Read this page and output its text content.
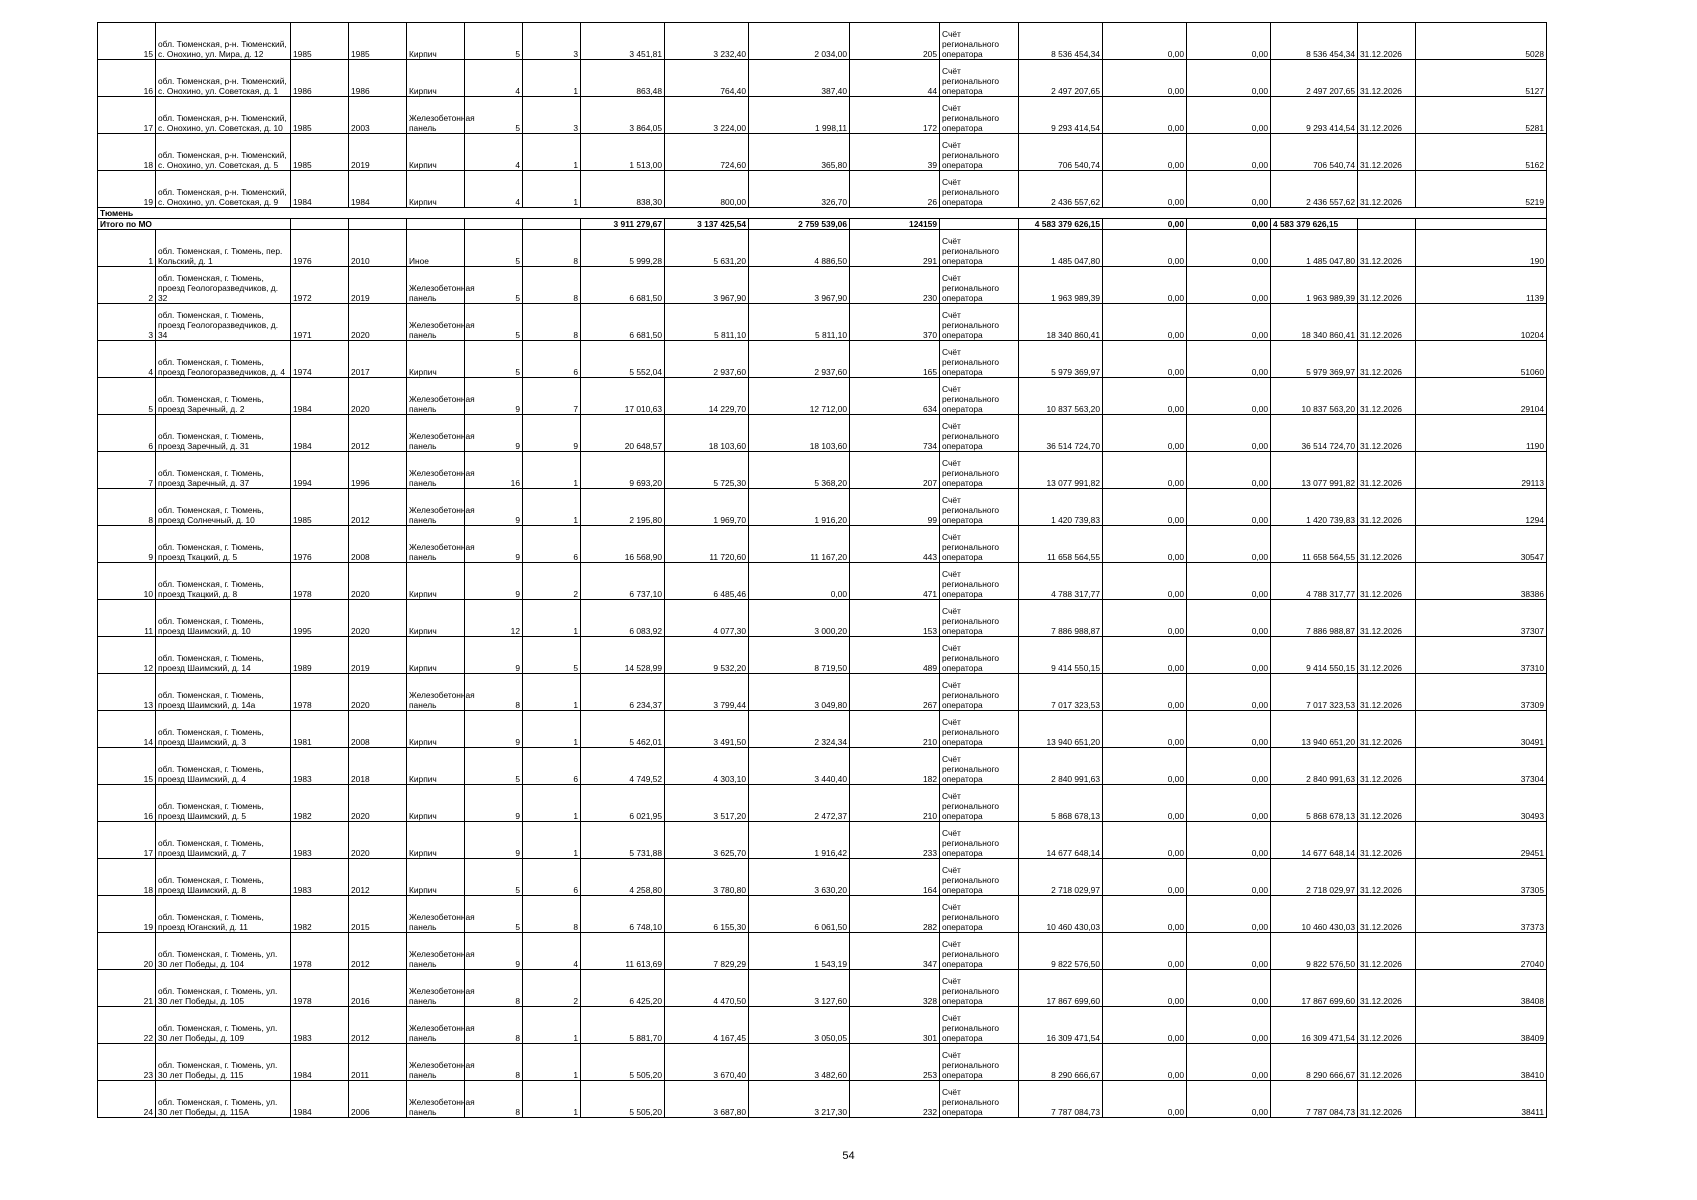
15	обл. Тюменская, р-н. Тюменский, с. Онохино, ул. Мира, д. 12	1985	1985	Кирпич	5	3	3 451,81	3 232,40	2 034,00	205	Счёт регионального оператора	8 536 454,34	0,00	0,00	8 536 454,34	31.12.2026	5028
16	обл. Тюменская, р-н. Тюменский, с. Онохино, ул. Советская, д. 1	1986	1986	Кирпич	4	1	863,48	764,40	387,40	44	Счёт регионального оператора	2 497 207,65	0,00	0,00	2 497 207,65	31.12.2026	5127
17	обл. Тюменская, р-н. Тюменский, с. Онохино, ул. Советская, д. 10	1985	2003	Железобетонная панель	5	3	3 864,05	3 224,00	1 998,11	172	Счёт регионального оператора	9 293 414,54	0,00	0,00	9 293 414,54	31.12.2026	5281
18	обл. Тюменская, р-н. Тюменский, с. Онохино, ул. Советская, д. 5	1985	2019	Кирпич	4	1	1 513,00	724,60	365,80	39	Счёт регионального оператора	706 540,74	0,00	0,00	706 540,74	31.12.2026	5162
19	обл. Тюменская, р-н. Тюменский, с. Онохино, ул. Советская, д. 9	1984	1984	Кирпич	4	1	838,30	800,00	326,70	26	Счёт регионального оператора	2 436 557,62	0,00	0,00	2 436 557,62	31.12.2026	5219
Тюмень																	
Итого по МО							3 911 279,67	3 137 425,54	2 759 539,06	124159		4 583 379 626,15	0,00	0,00	4 583 379 626,15		
1	обл. Тюменская, г. Тюмень, пер. Кольский, д. 1	1976	2010	Иное	5	8	5 999,28	5 631,20	4 886,50	291	Счёт регионального оператора	1 485 047,80	0,00	0,00	1 485 047,80	31.12.2026	190
2	обл. Тюменская, г. Тюмень, проезд Геологоразведчиков, д. 32	1972	2019	Железобетонная панель	5	8	6 681,50	3 967,90	3 967,90	230	Счёт регионального оператора	1 963 989,39	0,00	0,00	1 963 989,39	31.12.2026	1139
3	обл. Тюменская, г. Тюмень, проезд Геологоразведчиков, д. 34	1971	2020	Железобетонная панель	5	8	6 681,50	5 811,10	5 811,10	370	Счёт регионального оператора	18 340 860,41	0,00	0,00	18 340 860,41	31.12.2026	10204
4	обл. Тюменская, г. Тюмень, проезд Геологоразведчиков, д. 4	1974	2017	Кирпич	5	6	5 552,04	2 937,60	2 937,60	165	Счёт регионального оператора	5 979 369,97	0,00	0,00	5 979 369,97	31.12.2026	51060
5	обл. Тюменская, г. Тюмень, проезд Заречный, д. 2	1984	2020	Железобетонная панель	9	7	17 010,63	14 229,70	12 712,00	634	Счёт регионального оператора	10 837 563,20	0,00	0,00	10 837 563,20	31.12.2026	29104
6	обл. Тюменская, г. Тюмень, проезд Заречный, д. 31	1984	2012	Железобетонная панель	9	9	20 648,57	18 103,60	18 103,60	734	Счёт регионального оператора	36 514 724,70	0,00	0,00	36 514 724,70	31.12.2026	1190
7	обл. Тюменская, г. Тюмень, проезд Заречный, д. 37	1994	1996	Железобетонная панель	16	1	9 693,20	5 725,30	5 368,20	207	Счёт регионального оператора	13 077 991,82	0,00	0,00	13 077 991,82	31.12.2026	29113
8	обл. Тюменская, г. Тюмень, проезд Солнечный, д. 10	1985	2012	Железобетонная панель	9	1	2 195,80	1 969,70	1 916,20	99	Счёт регионального оператора	1 420 739,83	0,00	0,00	1 420 739,83	31.12.2026	1294
9	обл. Тюменская, г. Тюмень, проезд Ткацкий, д. 5	1976	2008	Железобетонная панель	9	6	16 568,90	11 720,60	11 167,20	443	Счёт регионального оператора	11 658 564,55	0,00	0,00	11 658 564,55	31.12.2026	30547
10	обл. Тюменская, г. Тюмень, проезд Ткацкий, д. 8	1978	2020	Кирпич	9	2	6 737,10	6 485,46	0,00	471	Счёт регионального оператора	4 788 317,77	0,00	0,00	4 788 317,77	31.12.2026	38386
11	обл. Тюменская, г. Тюмень, проезд Шаимский, д. 10	1995	2020	Кирпич	12	1	6 083,92	4 077,30	3 000,20	153	Счёт регионального оператора	7 886 988,87	0,00	0,00	7 886 988,87	31.12.2026	37307
12	обл. Тюменская, г. Тюмень, проезд Шаимский, д. 14	1989	2019	Кирпич	9	5	14 528,99	9 532,20	8 719,50	489	Счёт регионального оператора	9 414 550,15	0,00	0,00	9 414 550,15	31.12.2026	37310
13	обл. Тюменская, г. Тюмень, проезд Шаимский, д. 14а	1978	2020	Железобетонная панель	8	1	6 234,37	3 799,44	3 049,80	267	Счёт регионального оператора	7 017 323,53	0,00	0,00	7 017 323,53	31.12.2026	37309
14	обл. Тюменская, г. Тюмень, проезд Шаимский, д. 3	1981	2008	Кирпич	9	1	5 462,01	3 491,50	2 324,34	210	Счёт регионального оператора	13 940 651,20	0,00	0,00	13 940 651,20	31.12.2026	30491
15	обл. Тюменская, г. Тюмень, проезд Шаимский, д. 4	1983	2018	Кирпич	5	6	4 749,52	4 303,10	3 440,40	182	Счёт регионального оператора	2 840 991,63	0,00	0,00	2 840 991,63	31.12.2026	37304
16	обл. Тюменская, г. Тюмень, проезд Шаимский, д. 5	1982	2020	Кирпич	9	1	6 021,95	3 517,20	2 472,37	210	Счёт регионального оператора	5 868 678,13	0,00	0,00	5 868 678,13	31.12.2026	30493
17	обл. Тюменская, г. Тюмень, проезд Шаимский, д. 7	1983	2020	Кирпич	9	1	5 731,88	3 625,70	1 916,42	233	Счёт регионального оператора	14 677 648,14	0,00	0,00	14 677 648,14	31.12.2026	29451
18	обл. Тюменская, г. Тюмень, проезд Шаимский, д. 8	1983	2012	Кирпич	5	6	4 258,80	3 780,80	3 630,20	164	Счёт регионального оператора	2 718 029,97	0,00	0,00	2 718 029,97	31.12.2026	37305
19	обл. Тюменская, г. Тюмень, проезд Юганский, д. 11	1982	2015	Железобетонная панель	5	8	6 748,10	6 155,30	6 061,50	282	Счёт регионального оператора	10 460 430,03	0,00	0,00	10 460 430,03	31.12.2026	37373
20	обл. Тюменская, г. Тюмень, ул. 30 лет Победы, д. 104	1978	2012	Железобетонная панель	9	4	11 613,69	7 829,29	1 543,19	347	Счёт регионального оператора	9 822 576,50	0,00	0,00	9 822 576,50	31.12.2026	27040
21	обл. Тюменская, г. Тюмень, ул. 30 лет Победы, д. 105	1978	2016	Железобетонная панель	8	2	6 425,20	4 470,50	3 127,60	328	Счёт регионального оператора	17 867 699,60	0,00	0,00	17 867 699,60	31.12.2026	38408
22	обл. Тюменская, г. Тюмень, ул. 30 лет Победы, д. 109	1983	2012	Железобетонная панель	8	1	5 881,70	4 167,45	3 050,05	301	Счёт регионального оператора	16 309 471,54	0,00	0,00	16 309 471,54	31.12.2026	38409
23	обл. Тюменская, г. Тюмень, ул. 30 лет Победы, д. 115	1984	2011	Железобетонная панель	8	1	5 505,20	3 670,40	3 482,60	253	Счёт регионального оператора	8 290 666,67	0,00	0,00	8 290 666,67	31.12.2026	38410
24	обл. Тюменская, г. Тюмень, ул. 30 лет Победы, д. 115А	1984	2006	Железобетонная панель	8	1	5 505,20	3 687,80	3 217,30	232	Счёт регионального оператора	7 787 084,73	0,00	0,00	7 787 084,73	31.12.2026	38411
54
